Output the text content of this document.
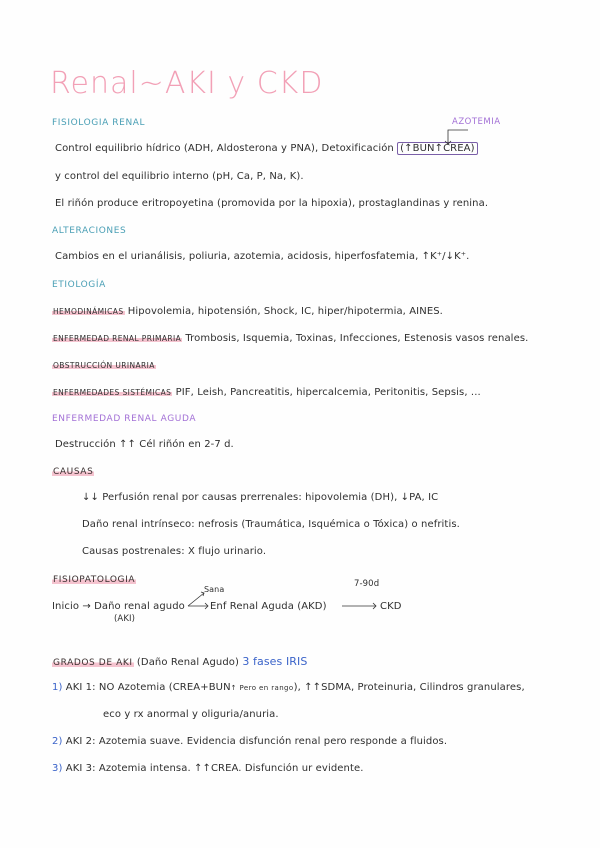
Renal~AKI y CKD
FISIOLOGIA RENAL	AZOTEMIA
Control equilibrio hídrico (ADH, Aldosterona y PNA), Detoxificación (↑BUN↑CREA)
y control del equilibrio interno (pH, Ca, P, Na, K).
El riñón produce eritropoyetina (promovida por la hipoxia), prostaglandinas y renina.
ALTERACIONES
Cambios en el urianálisis, poliuria, azotemia, acidosis, hiperfosfatemia, ↑K⁺/↓K⁺.
ETIOLOGÍA
HEMODINÁMICAS Hipovolemia, hipotensión, Shock, IC, hiper/hipotermia, AINES.
ENFERMEDAD RENAL PRIMARIA Trombosis, Isquemia, Toxinas, Infecciones, Estenosis vasos renales.
OBSTRUCCIÓN URINARIA
ENFERMEDADES SISTÉMICAS PIF, Leish, Pancreatitis, hipercalcemia, Peritonitis, Sepsis, ...
ENFERMEDAD RENAL AGUDA
Destrucción ↑↑ Cél riñón en 2-7 d.
CAUSAS
↓↓ Perfusión renal por causas prerrenales: hipovolemia (DH), ↓PA, IC
Daño renal intrínseco: nefrosis (Traumática, Isquémica o Tóxica) o nefritis.
Causas postrenales: X flujo urinario.
FISIOPATOLOGIA
Inicio → Daño renal agudo
(AKI)
Sana
Enf Renal Aguda (AKD)
7-90d
CKD
GRADOS DE AKI (Daño Renal Agudo) 3 fases IRIS
1) AKI 1: NO Azotemia (CREA+BUN↑ Pero en rango), ↑↑SDMA, Proteinuria, Cilindros granulares,
eco y rx anormal y oliguria/anuria.
2) AKI 2: Azotemia suave. Evidencia disfunción renal pero responde a fluidos.
3) AKI 3: Azotemia intensa. ↑↑CREA. Disfunción ur evidente.
